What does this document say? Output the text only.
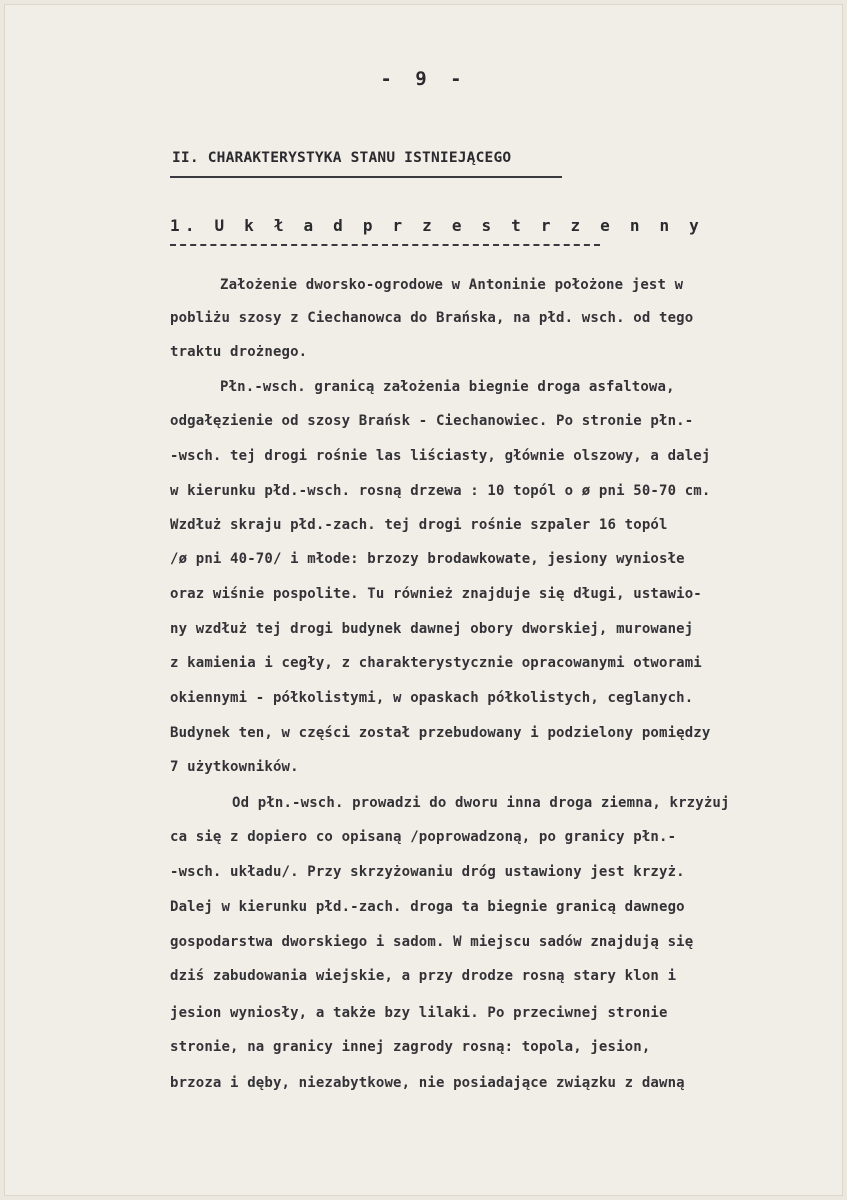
- 9 -
II. CHARAKTERYSTYKA STANU ISTNIEJĄCEGO
1. U k ł a d p r z e s t r z e n n y
Założenie dworsko-ogrodowe w Antoninie położone jest w
pobliżu szosy z Ciechanowca do Brańska, na płd. wsch. od tego
traktu drożnego.
Płn.-wsch. granicą założenia biegnie droga asfaltowa,
odgałęzienie od szosy Brańsk - Ciechanowiec. Po stronie płn.-
-wsch. tej drogi rośnie las liściasty, głównie olszowy, a dalej
w kierunku płd.-wsch. rosną drzewa : 10 topól o ø pni 50-70 cm.
Wzdłuż skraju płd.-zach. tej drogi rośnie szpaler 16 topól
/ø pni 40-70/ i młode: brzozy brodawkowate, jesiony wyniosłe
oraz wiśnie pospolite. Tu również znajduje się długi, ustawio-
ny wzdłuż tej drogi budynek dawnej obory dworskiej, murowanej
z kamienia i cegły, z charakterystycznie opracowanymi otworami
okiennymi - półkolistymi, w opaskach półkolistych, ceglanych.
Budynek ten, w części został przebudowany i podzielony pomiędzy
7 użytkowników.
Od płn.-wsch. prowadzi do dworu inna droga ziemna, krzyżuj
ca się z dopiero co opisaną /poprowadzoną, po granicy płn.-
-wsch. układu/. Przy skrzyżowaniu dróg ustawiony jest krzyż.
Dalej w kierunku płd.-zach. droga ta biegnie granicą dawnego
gospodarstwa dworskiego i sadom. W miejscu sadów znajdują się
dziś zabudowania wiejskie, a przy drodze rosną stary klon i
jesion wyniosły, a także bzy lilaki. Po przeciwnej stronie
stronie, na granicy innej zagrody rosną: topola, jesion,
brzoza i dęby, niezabytkowe, nie posiadające związku z dawną
